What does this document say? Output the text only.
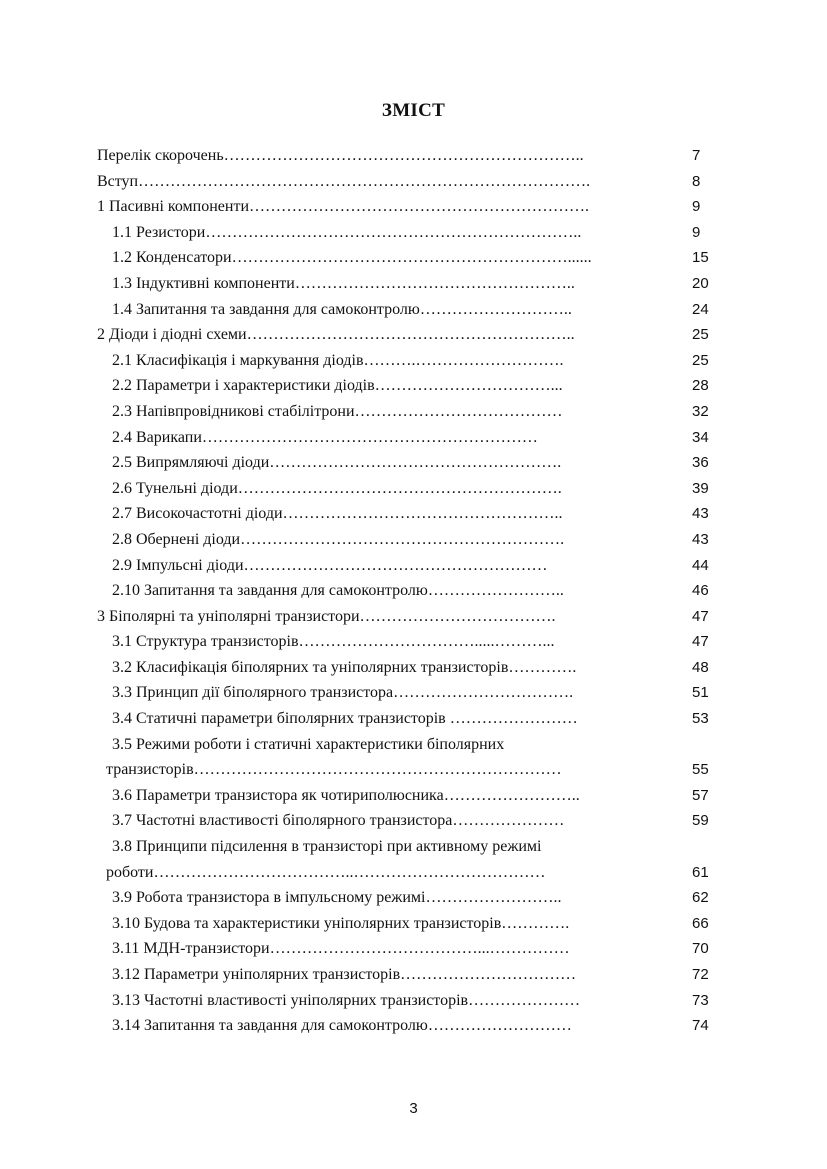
ЗМІСТ
Перелік скорочень…………………………………………………………..	7
Вступ………………………………………………………………………….	8
1 Пасивні компоненти……………………………………………………….	9
1.1 Резистори……………………………………………………………..	9
1.2 Конденсатори………………………………………………………......	15
1.3 Індуктивні компоненти……………………………………………..	20
1.4 Запитання та завдання для самоконтролю………………………..	24
2 Діоди і діодні схеми……………………………………………………..	25
2.1 Класифікація і маркування діодів……….……………………….	25
2.2 Параметри і характеристики діодів……………………………...	28
2.3 Напівпровідникові стабілітрони…………………………………	32
2.4 Варикапи………………………………………………………	34
2.5 Випрямляючі діоди……………………………………………….	36
2.6 Тунельні діоди…………………………………………………….	39
2.7 Високочастотні діоди……………………………………………..	43
2.8 Обернені діоди…………………………………………………….	43
2.9 Імпульсні діоди…………………………………………………	44
2.10 Запитання та завдання для самоконтролю……………………..	46
3 Біполярні та уніполярні транзистори……………………………….	47
3.1 Структура транзисторів…………………………….....………...	47
3.2 Класифікація біполярних та уніполярних транзисторів………….	48
3.3 Принцип дії біполярного транзистора…………………………….	51
3.4 Статичні параметри біполярних транзисторів ……………………	53
3.5 Режими роботи і статичні характеристики біполярних
транзисторів……………………………………………………………	55
3.6 Параметри транзистора як чотириполюсника……………………..	57
3.7 Частотні властивості біполярного транзистора…………………	59
3.8 Принципи підсилення в транзисторі при активному режимі
роботи………………………………..………………………………	61
3.9 Робота транзистора в імпульсному режимі……………………..	62
3.10 Будова та характеристики уніполярних транзисторів………….	66
3.11 МДН-транзистори…………………………………...……………	70
3.12 Параметри уніполярних транзисторів……………………………	72
3.13 Частотні властивості уніполярних транзисторів…………………	73
3.14 Запитання та завдання для самоконтролю………………………	74
3
